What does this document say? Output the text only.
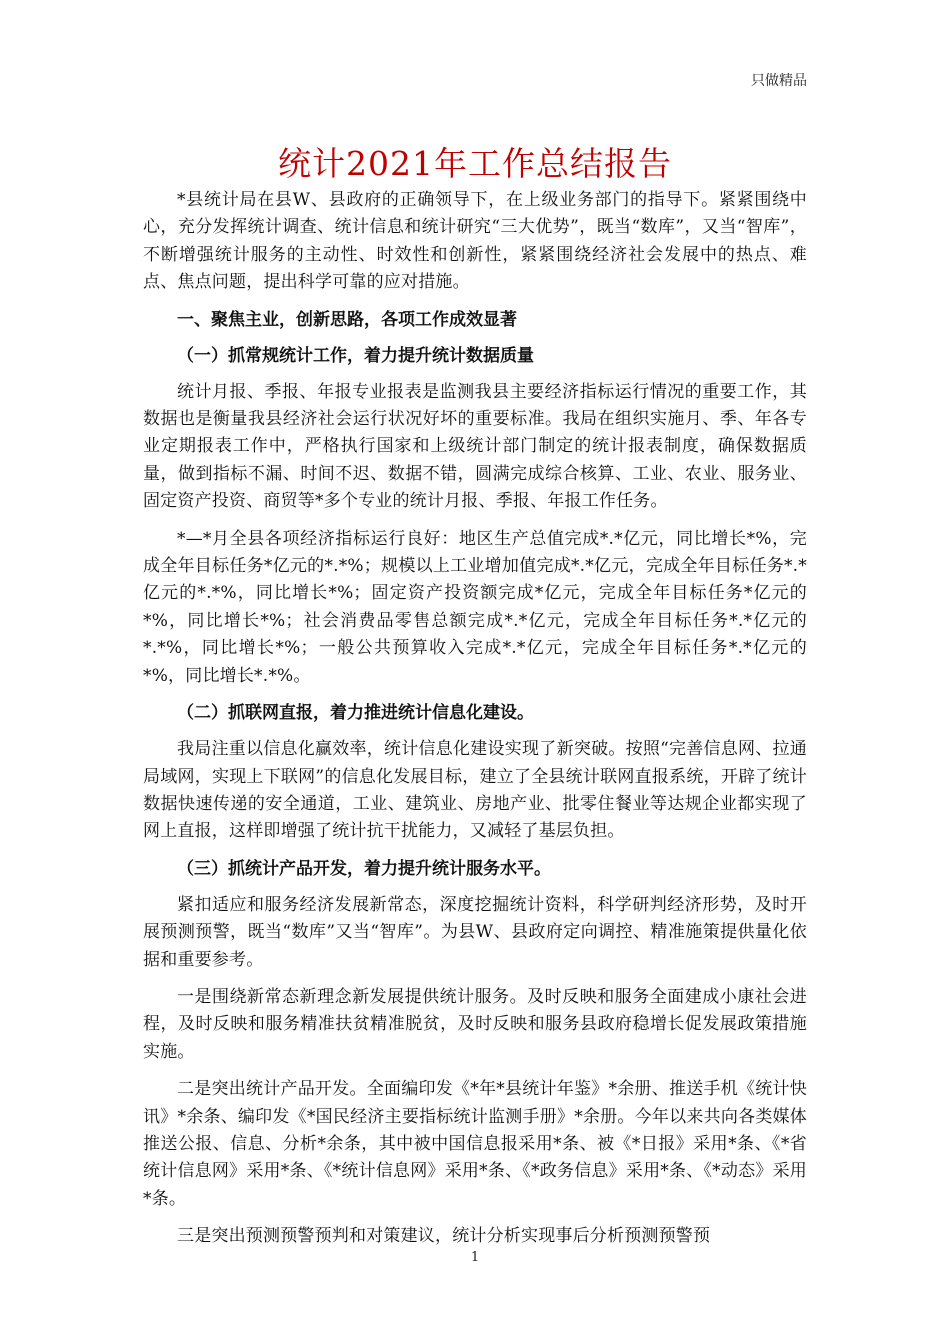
只做精品
统计2021年工作总结报告

*县统计局在县W、县政府的正确领导下，在上级业务部门的指导下。紧紧围绕中心，充分发挥统计调查、统计信息和统计研究“三大优势”，既当“数库”，又当“智库”，不断增强统计服务的主动性、时效性和创新性，紧紧围绕经济社会发展中的热点、难点、焦点问题，提出科学可靠的应对措施。

一、聚焦主业，创新思路，各项工作成效显著
（一）抓常规统计工作，着力提升统计数据质量

统计月报、季报、年报专业报表是监测我县主要经济指标运行情况的重要工作，其数据也是衡量我县经济社会运行状况好坏的重要标准。我局在组织实施月、季、年各专业定期报表工作中，严格执行国家和上级统计部门制定的统计报表制度，确保数据质量，做到指标不漏、时间不迟、数据不错，圆满完成综合核算、工业、农业、服务业、固定资产投资、商贸等*多个专业的统计月报、季报、年报工作任务。

*—*月全县各项经济指标运行良好：地区生产总值完成*.*亿元，同比增长*%，完成全年目标任务*亿元的*.*%；规模以上工业增加值完成*.*亿元，完成全年目标任务*.*亿元的*.*%，同比增长*%；固定资产投资额完成*亿元，完成全年目标任务*亿元的*%，同比增长*%；社会消费品零售总额完成*.*亿元，完成全年目标任务*.*亿元的*.*%，同比增长*%；一般公共预算收入完成*.*亿元，完成全年目标任务*.*亿元的*%，同比增长*.*%。

（二）抓联网直报，着力推进统计信息化建设。

我局注重以信息化赢效率，统计信息化建设实现了新突破。按照“完善信息网、拉通局域网，实现上下联网”的信息化发展目标，建立了全县统计联网直报系统，开辟了统计数据快速传递的安全通道，工业、建筑业、房地产业、批零住餐业等达规企业都实现了网上直报，这样即增强了统计抗干扰能力，又减轻了基层负担。

（三）抓统计产品开发，着力提升统计服务水平。

紧扣适应和服务经济发展新常态，深度挖掘统计资料，科学研判经济形势，及时开展预测预警，既当“数库”又当“智库”。为县W、县政府定向调控、精准施策提供量化依据和重要参考。

一是围绕新常态新理念新发展提供统计服务。及时反映和服务全面建成小康社会进程，及时反映和服务精准扶贫精准脱贫，及时反映和服务县政府稳增长促发展政策措施实施。

二是突出统计产品开发。全面编印发《*年*县统计年鉴》*余册、推送手机《统计快讯》*余条、编印发《*国民经济主要指标统计监测手册》*余册。今年以来共向各类媒体推送公报、信息、分析*余条，其中被中国信息报采用*条、被《*日报》采用*条、《*省统计信息网》采用*条、《*统计信息网》采用*条、《*政务信息》采用*条、《*动态》采用*条。

三是突出预测预警预判和对策建议，统计分析实现事后分析预测预警预

1
